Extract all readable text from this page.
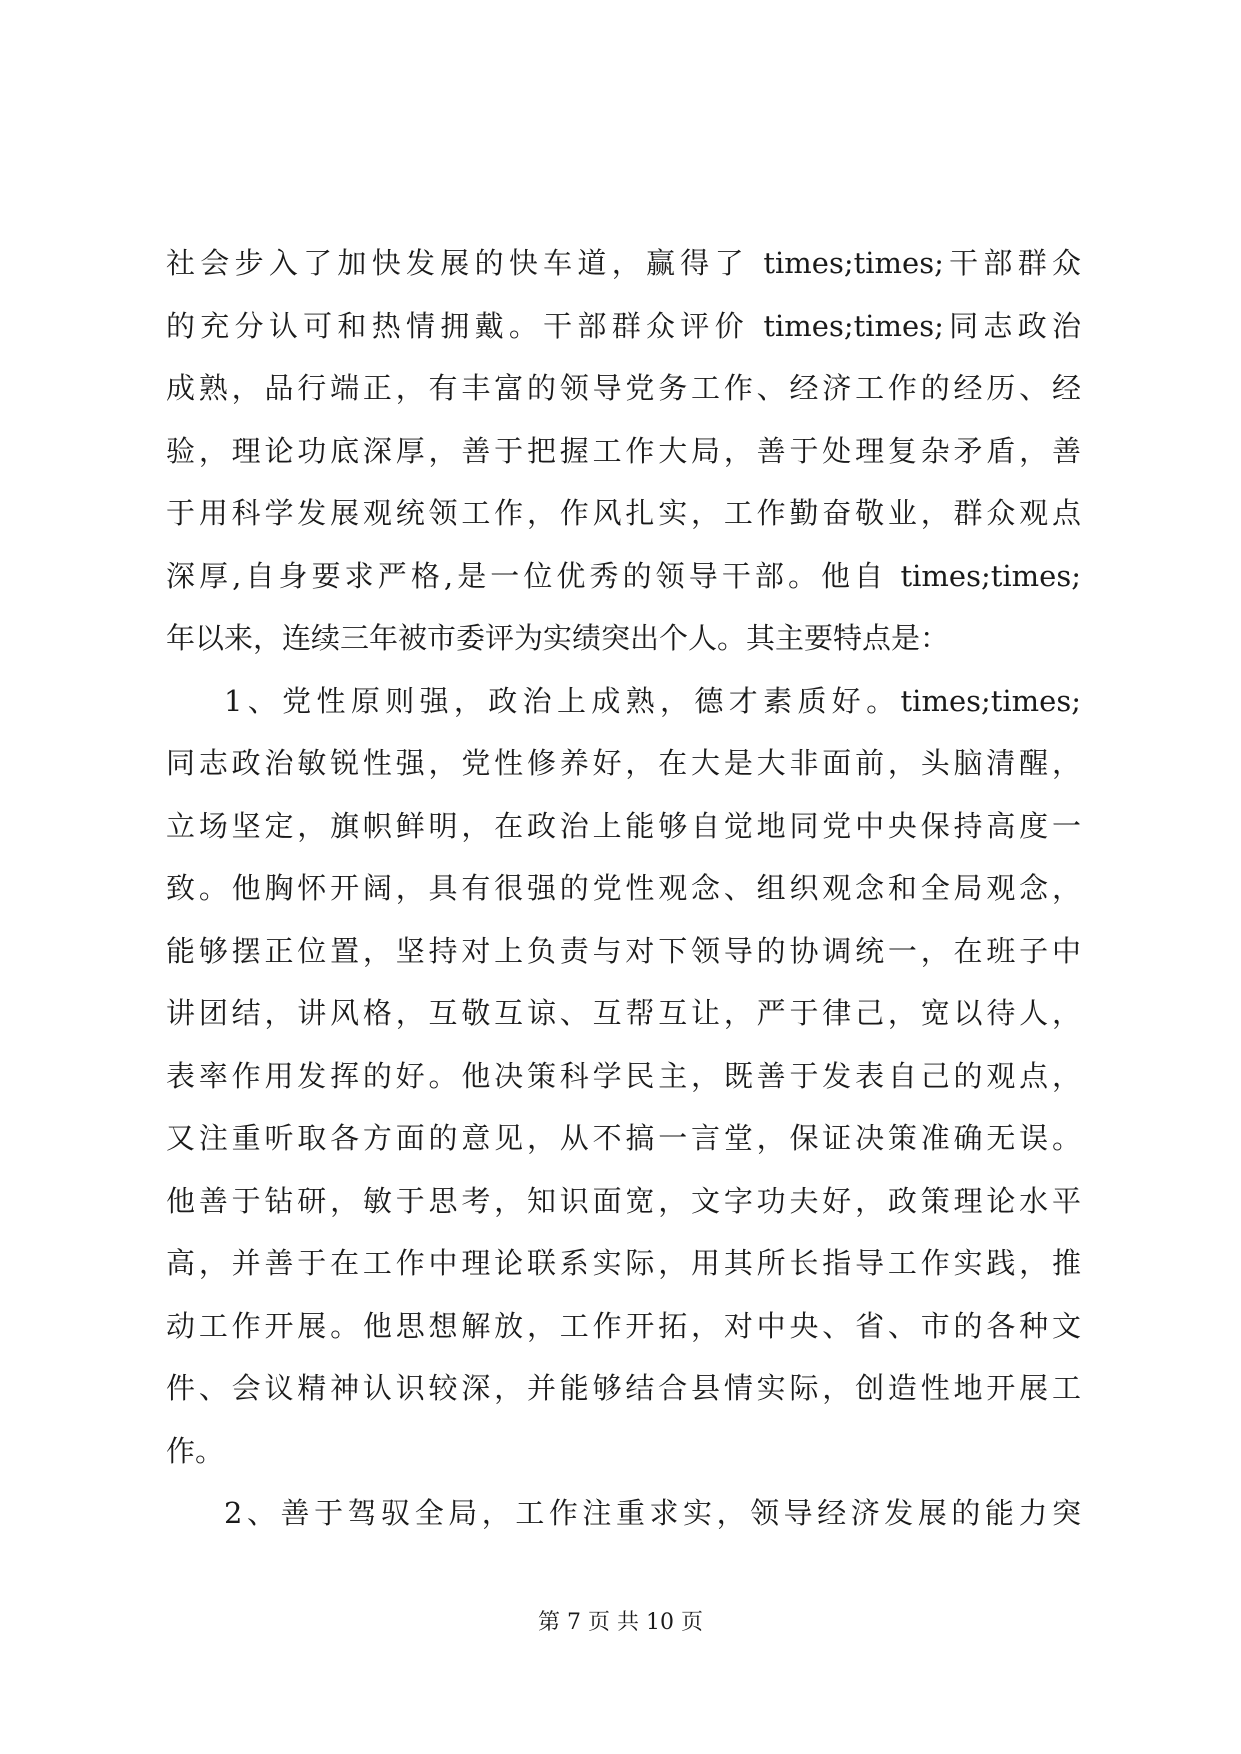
社会步入了加快发展的快车道，赢得了 times;times;干部群众
的充分认可和热情拥戴。干部群众评价 times;times;同志政治
成熟，品行端正，有丰富的领导党务工作、经济工作的经历、经
验，理论功底深厚，善于把握工作大局，善于处理复杂矛盾，善
于用科学发展观统领工作，作风扎实，工作勤奋敬业，群众观点
深厚,自身要求严格,是一位优秀的领导干部。他自 times;times;
年以来，连续三年被市委评为实绩突出个人。其主要特点是：
1、党性原则强，政治上成熟，德才素质好。times;times;
同志政治敏锐性强，党性修养好，在大是大非面前，头脑清醒，
立场坚定，旗帜鲜明，在政治上能够自觉地同党中央保持高度一
致。他胸怀开阔，具有很强的党性观念、组织观念和全局观念，
能够摆正位置，坚持对上负责与对下领导的协调统一，在班子中
讲团结，讲风格，互敬互谅、互帮互让，严于律己，宽以待人，
表率作用发挥的好。他决策科学民主，既善于发表自己的观点，
又注重听取各方面的意见，从不搞一言堂，保证决策准确无误。
他善于钻研，敏于思考，知识面宽，文字功夫好，政策理论水平
高，并善于在工作中理论联系实际，用其所长指导工作实践，推
动工作开展。他思想解放，工作开拓，对中央、省、市的各种文
件、会议精神认识较深，并能够结合县情实际，创造性地开展工
作。
2、善于驾驭全局，工作注重求实，领导经济发展的能力突
第 7 页 共 10 页
